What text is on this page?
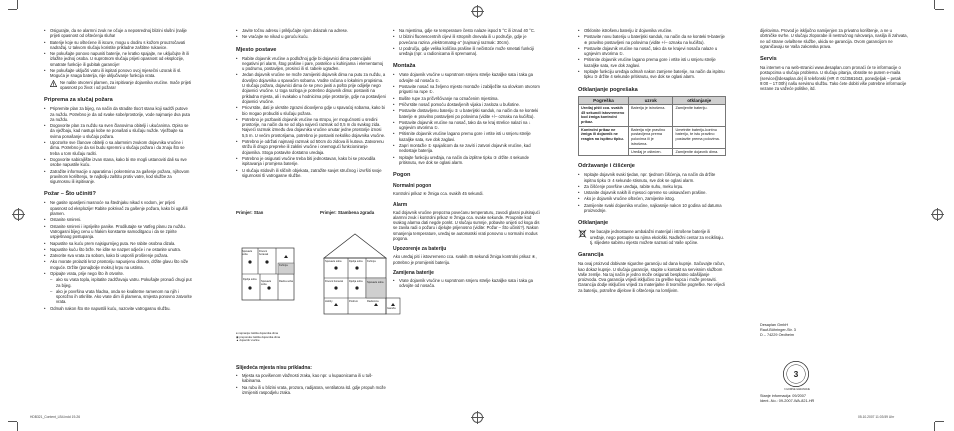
• Osigurajte, da se alarmni zvuk ne očuje a neposrednoj blizini slušni (nalije prijeti opasnost od oštećenja sluha!
• Baterije koje su oštećene ili iscure, mogu u dodiru s kožom prouzročavati nadražaj. U takvom slučaju koristite prikladne zaštitne rukavice.
• Ne pokušajte ponovo napuniti baterije, ne kratko spajajte, ne uključujte ih ili izlažite jednoj osoba. U suprotnom slučaju prijeti opasnost od eksplozije, smatrate funkcije ili gubitak garancije!
• Ne pokušajte uključiti vatru ili ispitati ponovo ovoj mjesečni uzorak ili sl. Moguća je snaga baterija, nije uključivanje funkcija vrata.
Ne nalite otvoreni plamen, za ispitivanje dojavnika vrućine. Inače prijeti opasnost po život i od požara!
Pripremа za slučaj požara
• Pripremite plan za bijeg, na način da stradite tlocrt stana koji sadrži putove za nuždu. Potrebno je da od svake sobe/prostorije, vode najmanje dva puta za nuždu.
• Dogovorite plan za nuždu sa sven članovima obitelji i ukućanima. Opiso se da vježbaju, kad nastupi kobe se ponašati u slučaju nužde. Vježbajte sa svima ponašanje u slučaju požara.
• Upozorite sve članove obitelji o sa alarmnim zvukom dojavnika vrućine i dima. Potrebno je da svi budu spremni u slučaju požara i da znaju što se treba u tom slučaju raditi.
• Dogovorite sabirajlište izvan stana, kako bi ste mogli ustanoviti dali su sve osobe napustile kuću.
• Zatražite informacije o aparatima i pokretnima za gašenje požara, njihovom pravilnom korištenju, te najbolju zaštitu protiv vatre, kod službe za sigurnosnu ili ispitivanje.
Požar – Što učiniti?
• Ne gasite opasljeni masnoće na štednjaku nikad s vodom, jer prijeti opasnost od eksplozije! Rabite pokrivač za gašenje požara, kako bi ugušili plamen.
• Ostanite smireni.
• Ostanite smireni i isprijelite panike. Prodilutajte se Vatfeg planu za nuždu. Vatrogasni bijeg cenu u hlakim konstante samoditgacu i da se zpirite uspješnaog postupanja.
• Napustite sa kuću prem najsigurnijeg puta. Ne rabite osobna dizala.
• Napustite kuću što brže. Ne idite se nazpet odjeće i ne ostanite unutra.
• Zatvorite sva vrata za sobom, kako bi usporili proširenje požara.
• Ako morate prolaziti kroz prostoriju napunjenu dimom, držite glavu što niže moguće. Držite (ponajbolje mokru) krpu na ustima.
• Opipajte vrata, prije nego što ih otvorite.
– ako su vrata topla, ispitatite zadržavaju vatru. Pokušajte pronaći drugi put za bijeg.
– ako je površina vrata hladna, onda se kvalitetne ramenom na njih i sporožno ih otkrilite. Ako vrate dim ili plamena, smjesta ponovno zatvorite vrata.
• Odmah nakon što ste napustili kuću, nazovite vatrogasnu službu.
• Javite točnu adresu i priključajte njom dolazak na adrese.
• Ne vraćajte se nikad u goruću kuću.
Mjesto postave
• Rabite dojavnik vrućine a podložnoj gdje bi dojavnici dima potencijalni negativni pri alarm, štog prašine i pare, postelice u kuhinjama i elementarnoj u podrumu, postavljen, prosinci ili sl. tabele ugrađen.
• Jedan dojavnik vrućine ne može zamijeniti dojavnik dima na putu za nuždu, a dovoljno dojavnika u spavaćim sobama. Vodite računa o lokalnim propisima. U slučaju požara, dojavnici dima će se prvo javiti a pošto prije odijelje nego dojavnici vrućine. U toga razloga je potrebno dojavnik dima: postaviti na prikladna mjesta, ali i svakako u hodnicima prije prostorije, gdje na postavljeni dojavnici vrućine.
• Pricvrstite, dati je ukrstite zgrazvi dioovljeno gdje u spavaćoj sobama, kako bi bio mogao probuditi u slučaju požara.
• Potrebno je pozbaviti dojavnik vrućine na stropu, jer mogućnosti u sredini prostorije, na način da se od obja najveći razmak od 0,5 m do svakog zida. Najveći razmak između dva dojavnika vrućine unutar jedne prostorije iznosi 5,5 m. U većim prostorijama, potrebno je postaviti nekoliko dojavnika vrućine.
• Potrebno je održati najmanji razmak od 50cm do zidova ili kutova. Zatvorenu strižu ili drugo prepreke ili zaklini vrućine i onemogući funkcioniranje dojavnika. Stoga postavite dostatno uredaja.
• Potrebno je osigurati vrućine treba biti jednostavan, kako bi se provodila ispitavanja i promjena baterije.
• U slučaju stidovih ili sličnih objekata, zatražite savjet stručnog i izvršiti svoje sigurnosni tli vatrogasne službe.
Primjer: Stan	Primjer: Stambena zgrada
Spavaća soba
Dnevni boravak
Kuhinja
Dječja soba
Spavaća soba
Radna soba
Spavaća soba	Dječja soba	Kuhinja
Dnevni boravak	Dječja soba	Spavaća soba
Hobby	Podrum	Radionica
Garaža
● najmanja zaštita dojavnika dima
◉ preporuka zaštita dojavnika dima
▲ dojavnik vrućine
Slijedeća mjesta nisu prikladna:
• Mjesta sa povišenom vlažnosti zraka, kao npr. u kupaonicama ili u tuš-kabinama.
• Na rubu ili u blizini vrata, prozora, radijatora, ventilatora itd. gdje propuh može izmijeniti raspodjelu zraka.
• Na mjestima, gdje se temperature često nalaze ispod 5 °C ili iznad 40 °C.
• U blizini fluorescentnih cijevi ili stropnih dnevala ili u područje, gdje je povećana razina „elektromatsg-a" (najmanji razmak: 30cm).
• U području, gdje velika količina prašine ili nečistoće može smetati funkciji uređaja (npr. u radionicama ili spremama).
Montaža
• Vrate dojavnik vrućine u suprotnom smjeru strelje kazaljke sata i taka ga odvojite od nosača ①.
• Postavite nosač na željeno mjesto montaže i zabilježite sa olovkom otvorom prigusti na rupe ①.
• Bušite rupe za pričvršćivanje na označenim mjestima.
• Pričvrstite nosač pomoću dostavljenih vijaka i zasloza u bušotinе.
• Postavite dostavljenu bateriju ② u baterijski sanduk, na način da se konteki baterije ⊕ pravilno postavljeni po polovima (vidite +/– oznaku na kućištu).
• Postavite dojavnik vrućine na nosač, tako da se kraj strelice nalazi na ↓ ugnjevim otvorima ①.
• Pritisnite dojavnik vrućine lagano premu gore i vrtite isti u smjeru strelje kazaljke sata, sve dok zaglavi.
• Zapri montažie ① spajalicom da se zaviti i zatvori dojavnik vrućine, kad nedostaje baterija.
• Ispitajte funkciju uređaja, na način da izplitne tipku ③ držite 4 sekunde pritisnutu, sve dok se oglasi alarm.
Pogon
Normalni pogon

Kontrolni prikaz ④ žmiga cca. svakih 45 sekundi.

Alarm

Kad dojavnik vrućine prepozna povećanu temperaturu, zavodi glasni pulsirajući alarmni zvuk i kontrolni prikaz ④ žmiga cca. svake sekunde. Proupnite kod svakog alarma dati negde ponkt. U slučaju sumnje, pobavite unijeti od koga dis se zavila radi o požaru i djelujte prijenosno (vidite: Požar – Što učiniti?). Nakon smanjenja temperature, uređaj se automatski vrati ponovno u normalni modus pogona.

Upozorenje za bateriju

Ako uređaj piti i istovremeno cca. svakih 45 sekundi žmiga kontrolni prikaz ④, potrebno je promijeniti bateriju.

Zamijena baterije
• Vrate dojavnik vrućine u suprotnom smjeru strelje kazaljke sata i taka ga odvojite od nosača.
• Otklonite istrošenu bateriju iz dojavnika vrućine.
• Postavite novu bateriju u baterijski sanduk, na način da se konteki 9-baterije ⊕ pravilno postavljeni na polovima (vidite +/– oznaku na kućištu).
• Postavite dojavnik vrućine na nosač, tako da se krajevi nosača nalaze u ugnjevim otvorima ①.
• Pritisnite dojavnik vrućine lagano prema gore i vrtite isti u smjeru strelje kazaljke sata, sve dok zaglavi.
• Ispitajte funkciju uređaja odmah nakon zamjene baterije, na način da ispitnu tipku ③ držite 4 sekunde pritisnutu, sve dok se oglasi alarm.
Otklanjanje pogrešaka
Pogreška	uzrok	otklanjanje
Uređaj pišti cca. svakih 45 sekundi istovremeno kod žmiga kontrolni prikaz.	Baterija je istrošena.	Zamijenite bateriju.
Kontrolni prikaz ne žmiga ili dojavnik ne reagira na ispitnu tipku.	Baterija nije pravilno postavljena prema polovima ili je istrošena.	Umetnite bateriju-kontnu bateriju, te istu pravilno postavite prema polovima.
	Uređaj je oštećen.	Zamijenite dojavnik dima.
Održavanje i čišćenje
• Ispitajte dojavnik svaki tjedan, npr. tjednom čišćenja, na način da držite ispitnu tipku ③ 4 sekunde stisnutu, sve dok se oglasi alarm.
• Za čišćenje površine uređaja, rabite suhu, meku krpu.
• Ustanite dojavnik nakih ili mjesoci opreme so usisavačem prašine.
• Ako je dojavnik vrućine oštećen, zamijenite istog.
• Zamijenite svaki dojavnika vrućine, najkasnije nakon 10 godina od datuma proizvodnje.
Otklanjanje
Ne bacajte jednostavne ambalažni materijal i istrošene baterije ili uređaje, nego postupite sa njima ekološki. Nadležni centar za recikliraju. tj. slijedete sabirnu mjesto možete saznati od Vaše općine.
Garancija

Na ovaj proizvod dobivate sigurdne garanciju od dana kupnje. Sačuvajte račun, kao dokaz kupnje. U slučaju garancije, stupite u kontakt sa servisnim službom Vaše zemlje. Na taj način je jedno može osigurati besplatno odašiljanje proizvoda. Ova garancija vrijedi isključivo za greške kupca i može preraviti. Garancija dodje isključivo vrijedi za materijalne ili tvorničke pogreške. Ne vrijedi za bateriju, potrošne dijelove ili oštećenja na lomljivim.

dijelovima. Provod je isključno namijenjen za privatno korištenje, a ne u obrtničke svrhe. U slučaju zloporabe ili nestručnog rukovanja, nasilja ili zahvata, ne od strane ovlaštene službe, ukida se garancija. Ovom garancijom ne ograničavaju se Vaša zakonska prava.

Servis

Na internet-u na web-stranici www.desaplan.com pronaći će te informacije o postupcima u slučaju problema. U slučaju pitanja, obratite se putem e-maila (service@desaplan.de) ili telefonski (HR ✆ 01/3561643, ponedjeljak – petak 9:00 – 17:00h) našu servisnu službu. Tako ćete dobiti više potrebne informacije vezane za važeće politike, itd.

Desaplan GmbH
Rauf-Böhringer-Str. 3
D – 74229 Oedheim
3
3 GODINE GARANCIJE
Stanje informacija: 09/2007
Ident.-No.: 09-2007-WA-821-HR
HDB321_Content_LB4.indd 19-26	05.10.2007 11:03:59 Uhr
